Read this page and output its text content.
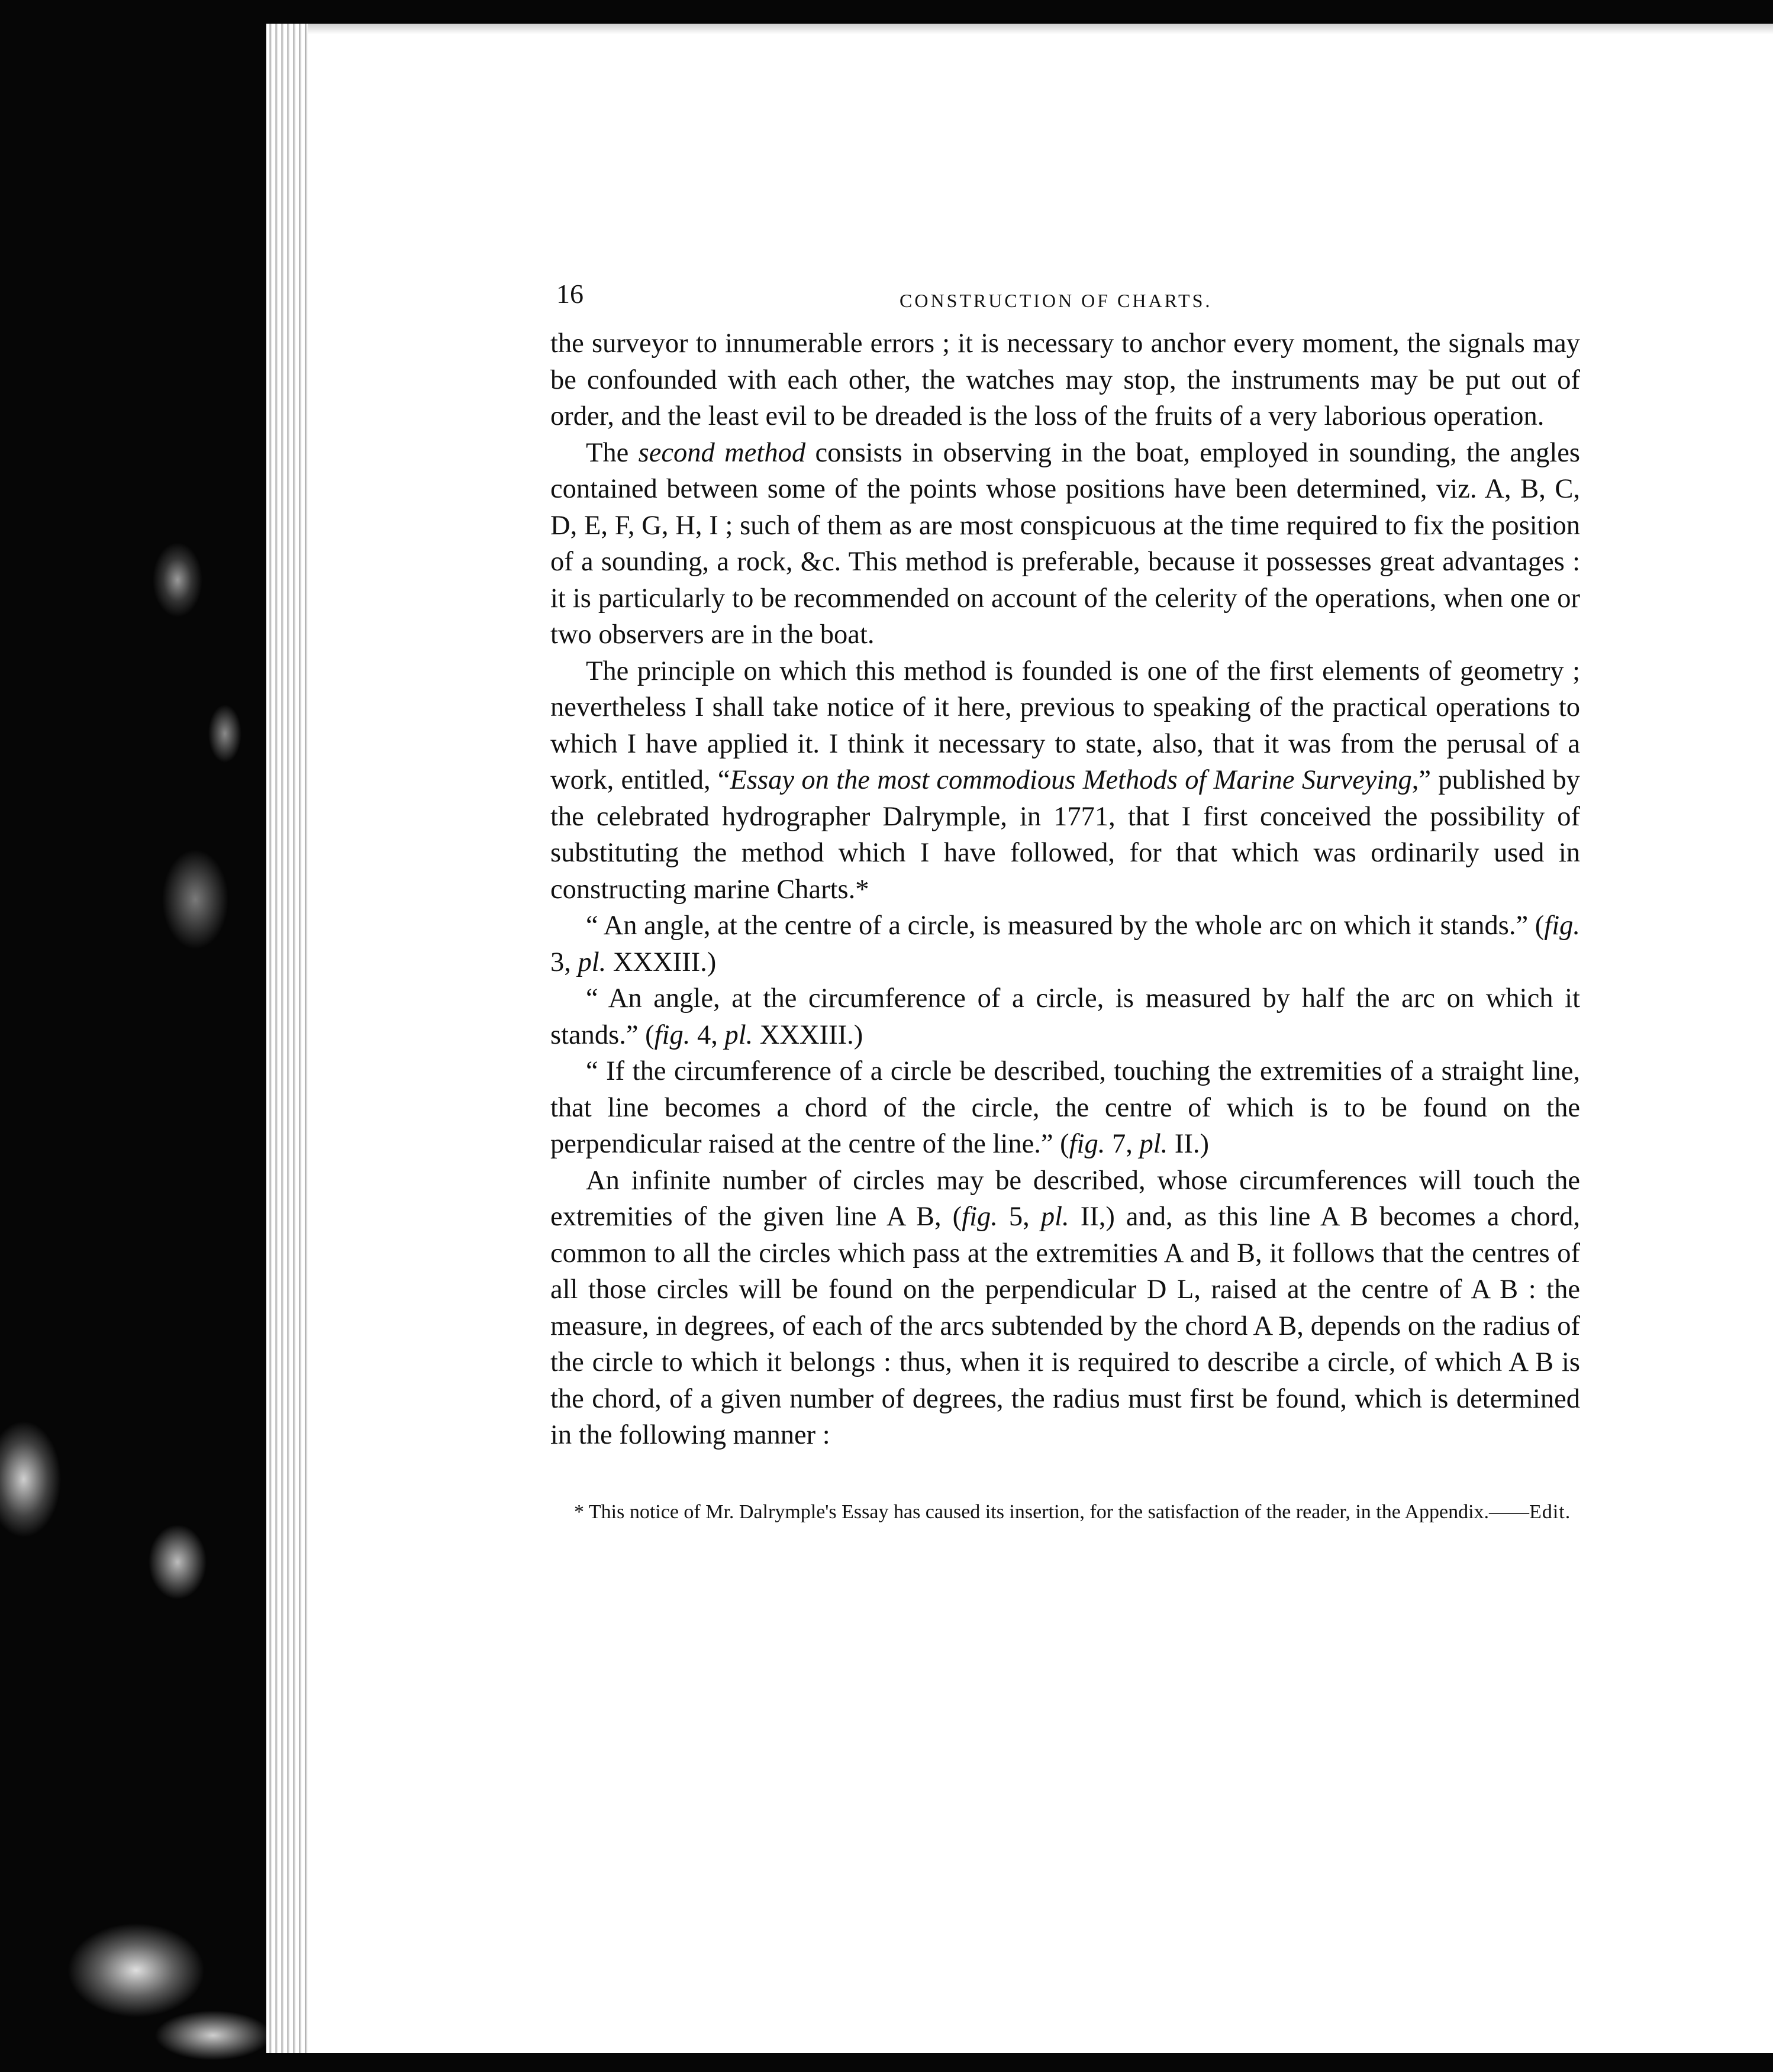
16	CONSTRUCTION OF CHARTS.

the surveyor to innumerable errors ; it is necessary to anchor every moment, the signals may be confounded with each other, the watches may stop, the instruments may be put out of order, and the least evil to be dreaded is the loss of the fruits of a very laborious operation.

The second method consists in observing in the boat, employed in sounding, the angles contained between some of the points whose positions have been determined, viz. A, B, C, D, E, F, G, H, I ; such of them as are most conspicuous at the time required to fix the position of a sounding, a rock, &c. This method is preferable, because it possesses great advantages : it is particularly to be recommended on account of the celerity of the operations, when one or two observers are in the boat.

The principle on which this method is founded is one of the first elements of geometry ; nevertheless I shall take notice of it here, previous to speaking of the practical operations to which I have applied it. I think it necessary to state, also, that it was from the perusal of a work, entitled, “Essay on the most commodious Methods of Marine Surveying,” published by the celebrated hydrographer Dalrymple, in 1771, that I first conceived the possibility of substituting the method which I have followed, for that which was ordinarily used in constructing marine Charts.*

“ An angle, at the centre of a circle, is measured by the whole arc on which it stands.” (fig. 3, pl. XXXIII.)

“ An angle, at the circumference of a circle, is measured by half the arc on which it stands.” (fig. 4, pl. XXXIII.)

“ If the circumference of a circle be described, touching the extremities of a straight line, that line becomes a chord of the circle, the centre of which is to be found on the perpendicular raised at the centre of the line.” (fig. 7, pl. II.)

An infinite number of circles may be described, whose circumferences will touch the extremities of the given line A B, (fig. 5, pl. II,) and, as this line A B becomes a chord, common to all the circles which pass at the extremities A and B, it follows that the centres of all those circles will be found on the perpendicular D L, raised at the centre of A B : the measure, in degrees, of each of the arcs subtended by the chord A B, depends on the radius of the circle to which it belongs : thus, when it is required to describe a circle, of which A B is the chord, of a given number of degrees, the radius must first be found, which is determined in the following manner :

* This notice of Mr. Dalrymple's Essay has caused its insertion, for the satisfaction of the reader, in the Appendix.——Edit.
